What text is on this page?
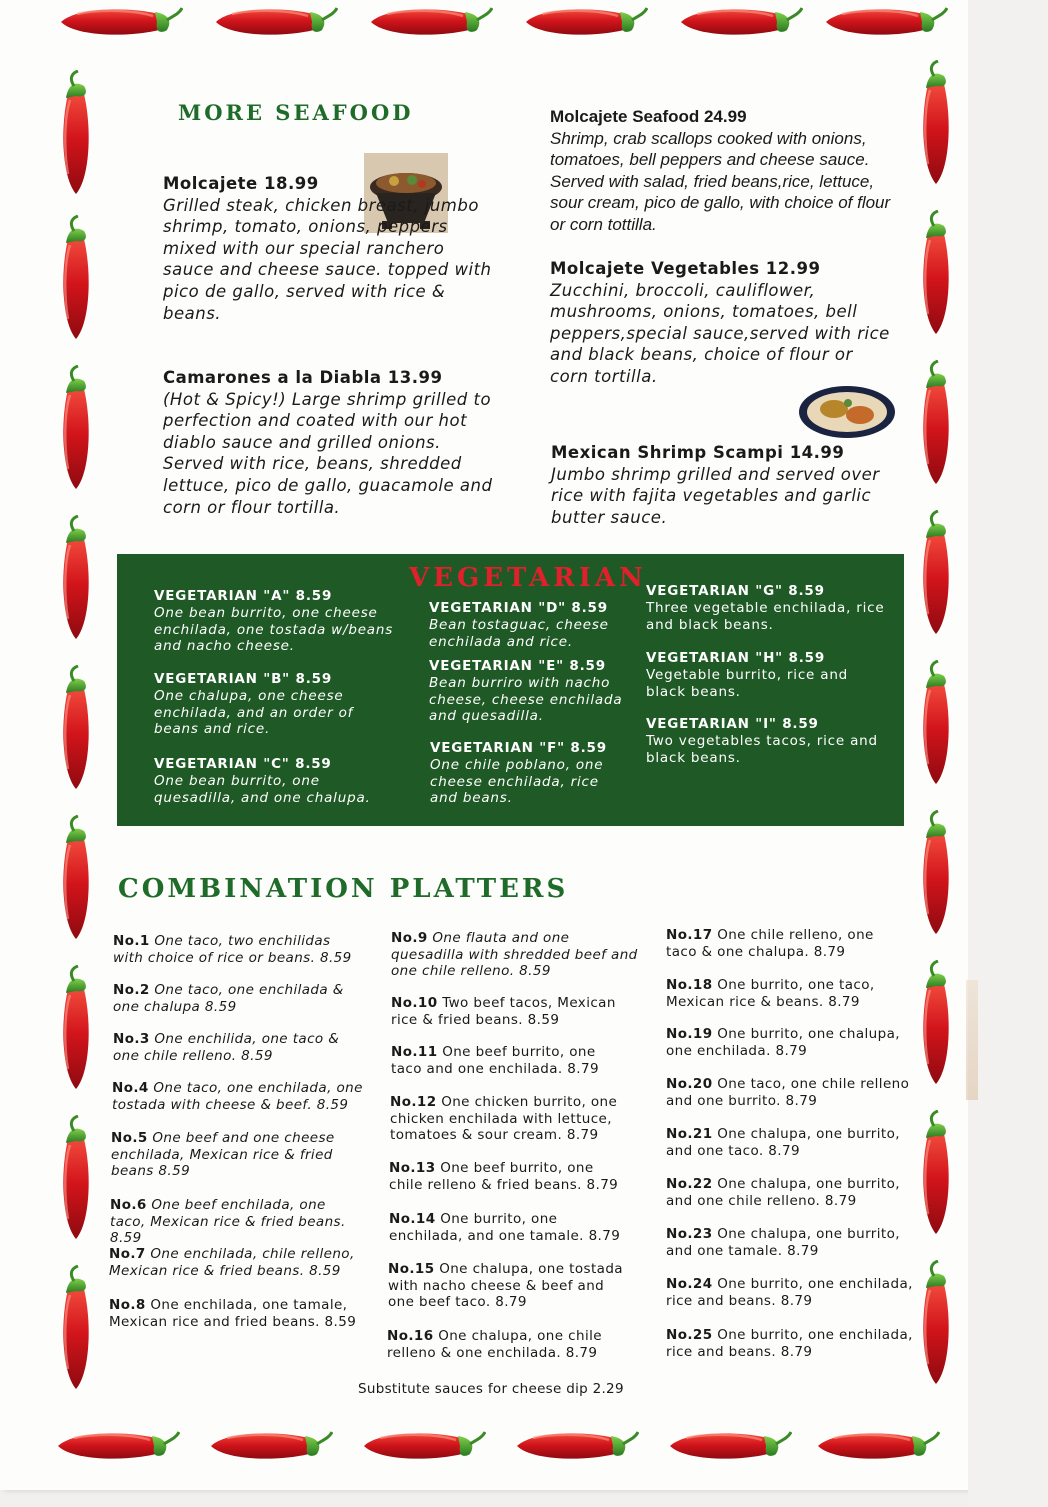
MORE SEAFOOD
Molcajete 18.99
Grilled steak, chicken breast, jumbo shrimp, tomato, onions, peppers mixed with our special ranchero sauce and cheese sauce. topped with pico de gallo, served with rice & beans.
Camarones a la Diabla 13.99
(Hot & Spicy!) Large shrimp grilled to perfection and coated with our hot diablo sauce and grilled onions. Served with rice, beans, shredded lettuce, pico de gallo, guacamole and corn or flour tortilla.
Molcajete Seafood 24.99
Shrimp, crab scallops cooked with onions, tomatoes, bell peppers and cheese sauce. Served with salad, fried beans,rice, lettuce, sour cream, pico de gallo, with choice of flour or corn tottilla.
Molcajete Vegetables 12.99
Zucchini, broccoli, cauliflower, mushrooms, onions, tomatoes, bell peppers,special sauce,served with rice and black beans, choice of flour or corn tortilla.
Mexican Shrimp Scampi 14.99
Jumbo shrimp grilled and served over rice with fajita vegetables and garlic butter sauce.
VEGETARIAN "A" 8.59
One bean burrito, one cheese enchilada, one tostada w/beans and nacho cheese.
VEGETARIAN "B" 8.59
One chalupa, one cheese enchilada, and an order of beans and rice.
VEGETARIAN "C" 8.59
One bean burrito, one quesadilla, and one chalupa.
VEGETARIAN "D" 8.59
Bean tostaguac, cheese enchilada and rice.
VEGETARIAN "E" 8.59
Bean burriro with nacho cheese, cheese enchilada and quesadilla.
VEGETARIAN "F" 8.59
One chile poblano, one cheese enchilada, rice and beans.
VEGETARIAN "G" 8.59
Three vegetable enchilada, rice and black beans.
VEGETARIAN "H" 8.59
Vegetable burrito, rice and black beans.
VEGETARIAN "I" 8.59
Two vegetables tacos, rice and black beans.
VEGETARIAN
COMBINATION PLATTERS
No.1 One taco, two enchilidas with choice of rice or beans. 8.59
No.2 One taco, one enchilada & one chalupa 8.59
No.3 One enchilida, one taco & one chile relleno. 8.59
No.4 One taco, one enchilada, one tostada with cheese & beef. 8.59
No.5 One beef and one cheese enchilada, Mexican rice & fried beans 8.59
No.6 One beef enchilada, one taco, Mexican rice & fried beans. 8.59
No.7 One enchilada, chile relleno, Mexican rice & fried beans. 8.59
No.8 One enchilada, one tamale, Mexican rice and fried beans. 8.59
No.9 One flauta and one quesadilla with shredded beef and one chile relleno. 8.59
No.10 Two beef tacos, Mexican rice & fried beans. 8.59
No.11 One beef burrito, one taco and one enchilada. 8.79
No.12 One chicken burrito, one chicken enchilada with lettuce, tomatoes & sour cream. 8.79
No.13 One beef burrito, one chile relleno & fried beans. 8.79
No.14 One burrito, one enchilada, and one tamale. 8.79
No.15 One chalupa, one tostada with nacho cheese & beef and one beef taco. 8.79
No.16 One chalupa, one chile relleno & one enchilada. 8.79
No.17 One chile relleno, one taco & one chalupa. 8.79
No.18 One burrito, one taco, Mexican rice & beans. 8.79
No.19 One burrito, one chalupa, one enchilada. 8.79
No.20 One taco, one chile relleno and one burrito. 8.79
No.21 One chalupa, one burrito, and one taco. 8.79
No.22 One chalupa, one burrito, and one chile relleno. 8.79
No.23 One chalupa, one burrito, and one tamale. 8.79
No.24 One burrito, one enchilada, rice and beans. 8.79
No.25 One burrito, one enchilada, rice and beans. 8.79
Substitute sauces for cheese dip 2.29
